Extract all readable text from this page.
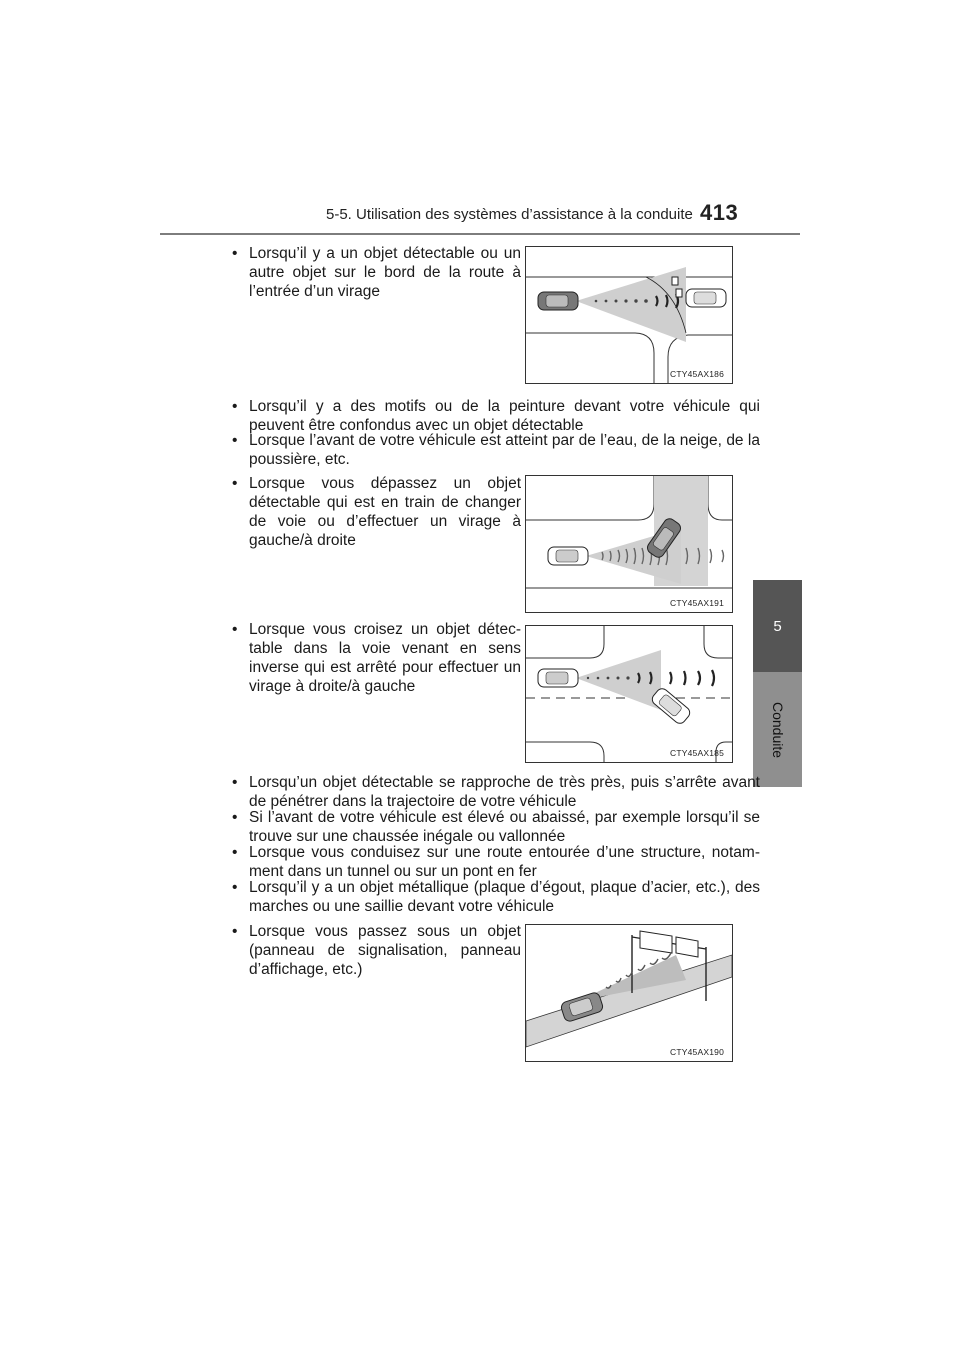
5-5. Utilisation des systèmes d’assistance à la conduite 413
5
Conduite
• Lorsqu’il y a un objet détectable ou un autre objet sur le bord de la route à l’entrée d’un virage
CTY45AX186
• Lorsqu’il y a des motifs ou de la peinture devant votre véhicule qui peuvent être confondus avec un objet détectable
• Lorsque l’avant de votre véhicule est atteint par de l’eau, de la neige, de la poussière, etc.
• Lorsque vous dépassez un objet détectable qui est en train de changer de voie ou d’effectuer un virage à gauche/à droite
CTY45AX191
• Lorsque vous croisez un objet détec-table dans la voie venant en sens inverse qui est arrêté pour effectuer un virage à droite/à gauche
CTY45AX185
• Lorsqu’un objet détectable se rapproche de très près, puis s’arrête avant de pénétrer dans la trajectoire de votre véhicule
• Si l’avant de votre véhicule est élevé ou abaissé, par exemple lorsqu’il se trouve sur une chaussée inégale ou vallonnée
• Lorsque vous conduisez sur une route entourée d’une structure, notam-ment dans un tunnel ou sur un pont en fer
• Lorsqu’il y a un objet métallique (plaque d’égout, plaque d’acier, etc.), des marches ou une saillie devant votre véhicule
• Lorsque vous passez sous un objet (panneau de signalisation, panneau d’affichage, etc.)
CTY45AX190
